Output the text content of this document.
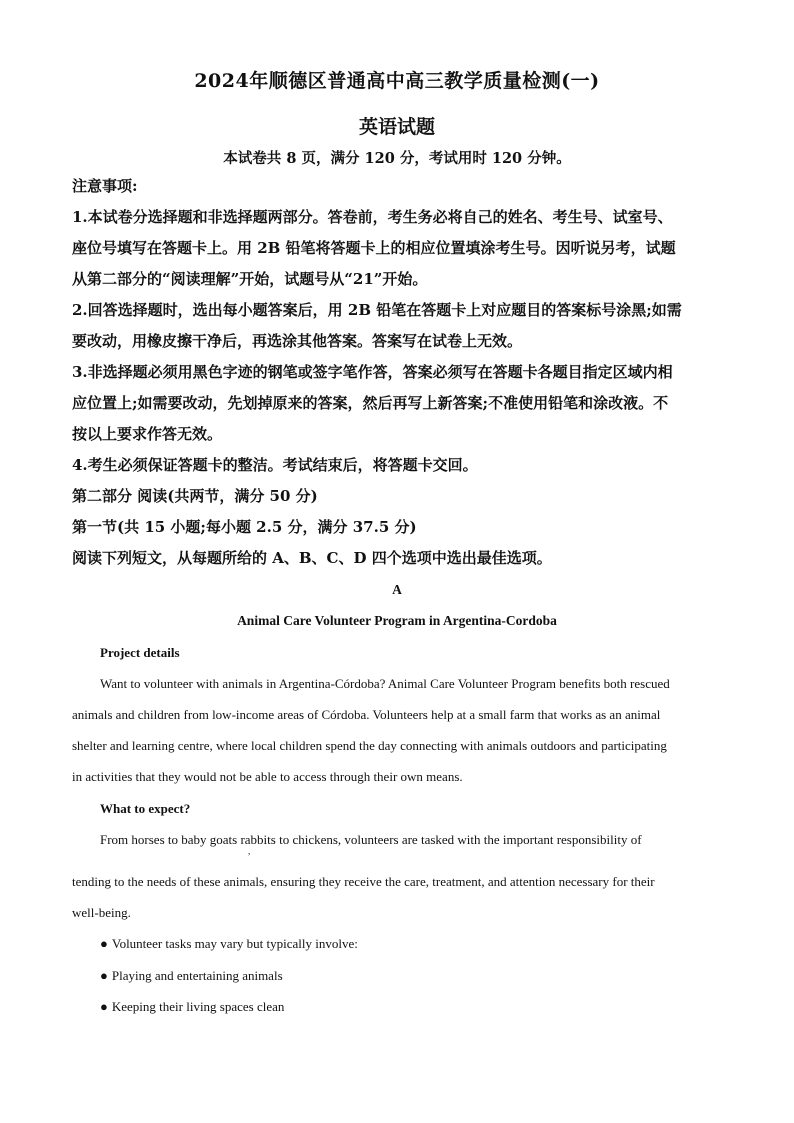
2024年顺德区普通高中高三教学质量检测(一)
英语试题
本试卷共 8 页，满分 120 分，考试用时 120 分钟。
注意事项:
1.本试卷分选择题和非选择题两部分。答卷前，考生务必将自己的姓名、考生号、试室号、
座位号填写在答题卡上。用 2B 铅笔将答题卡上的相应位置填涂考生号。因听说另考，试题
从第二部分的“阅读理解”开始，试题号从“21”开始。
2.回答选择题时，选出每小题答案后，用 2B 铅笔在答题卡上对应题目的答案标号涂黑;如需
要改动，用橡皮擦干净后，再选涂其他答案。答案写在试卷上无效。
3.非选择题必须用黑色字迹的钢笔或签字笔作答，答案必须写在答题卡各题目指定区域内相
应位置上;如需要改动，先划掉原来的答案，然后再写上新答案;不准使用铅笔和涂改液。不
按以上要求作答无效。
4.考生必须保证答题卡的整洁。考试结束后，将答题卡交回。
第二部分 阅读(共两节，满分 50 分)
第一节(共 15 小题;每小题 2.5 分，满分 37.5 分)
阅读下列短文，从每题所给的 A、B、C、D 四个选项中选出最佳选项。
A
Animal Care Volunteer Program in Argentina-Cordoba
Project details
Want to volunteer with animals in Argentina-Córdoba? Animal Care Volunteer Program benefits both rescued
animals and children from low-income areas of Córdoba. Volunteers help at a small farm that works as an animal
shelter and learning centre, where local children spend the day connecting with animals outdoors and participating
in activities that they would not be able to access through their own means.
What to expect?
From horses to baby goats rabbits to chickens, volunteers are tasked with the important responsibility of
,
tending to the needs of these animals, ensuring they receive the care, treatment, and attention necessary for their
well-being.
● Volunteer tasks may vary but typically involve:
● Playing and entertaining animals
● Keeping their living spaces clean
